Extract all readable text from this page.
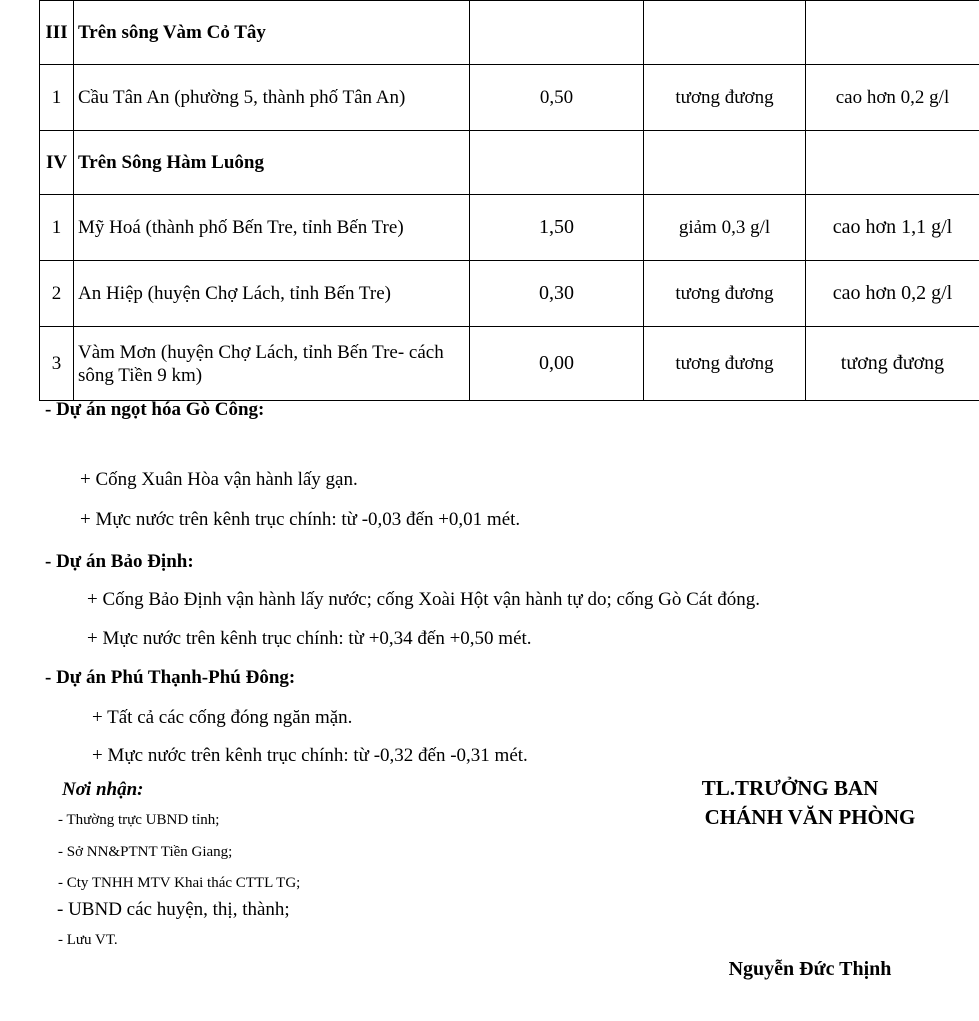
III	Trên sông Vàm Cỏ Tây			
1	Cầu Tân An (phường 5, thành phố Tân An)	0,50	tương đương	cao hơn 0,2 g/l
IV	Trên Sông Hàm Luông			
1	Mỹ Hoá (thành phố Bến Tre, tỉnh Bến Tre)	1,50	giảm 0,3 g/l	cao hơn 1,1 g/l
2	An Hiệp (huyện Chợ Lách, tỉnh Bến Tre)	0,30	tương đương	cao hơn 0,2 g/l
3	Vàm Mơn (huyện Chợ Lách, tỉnh Bến Tre- cách sông Tiền 9 km)	0,00	tương đương	tương đương
- Dự án ngọt hóa Gò Công:
+ Cống Xuân Hòa vận hành lấy gạn.
+ Mực nước trên kênh trục chính: từ -0,03 đến +0,01 mét.
- Dự án Bảo Định:
+ Cống Bảo Định vận hành lấy nước; cống Xoài Hột vận hành tự do; cống Gò Cát đóng.
+ Mực nước trên kênh trục chính: từ +0,34 đến +0,50 mét.
- Dự án Phú Thạnh-Phú Đông:
+ Tất cả các cống đóng ngăn mặn.
+ Mực nước trên kênh trục chính: từ -0,32 đến -0,31 mét.
Nơi nhận:
- Thường trực UBND tỉnh;
- Sở NN&PTNT Tiền Giang;
- Cty TNHH MTV Khai thác CTTL TG;
- UBND các huyện, thị, thành;
- Lưu VT.
TL.TRƯỞNG BAN
CHÁNH VĂN PHÒNG
Nguyễn Đức Thịnh
